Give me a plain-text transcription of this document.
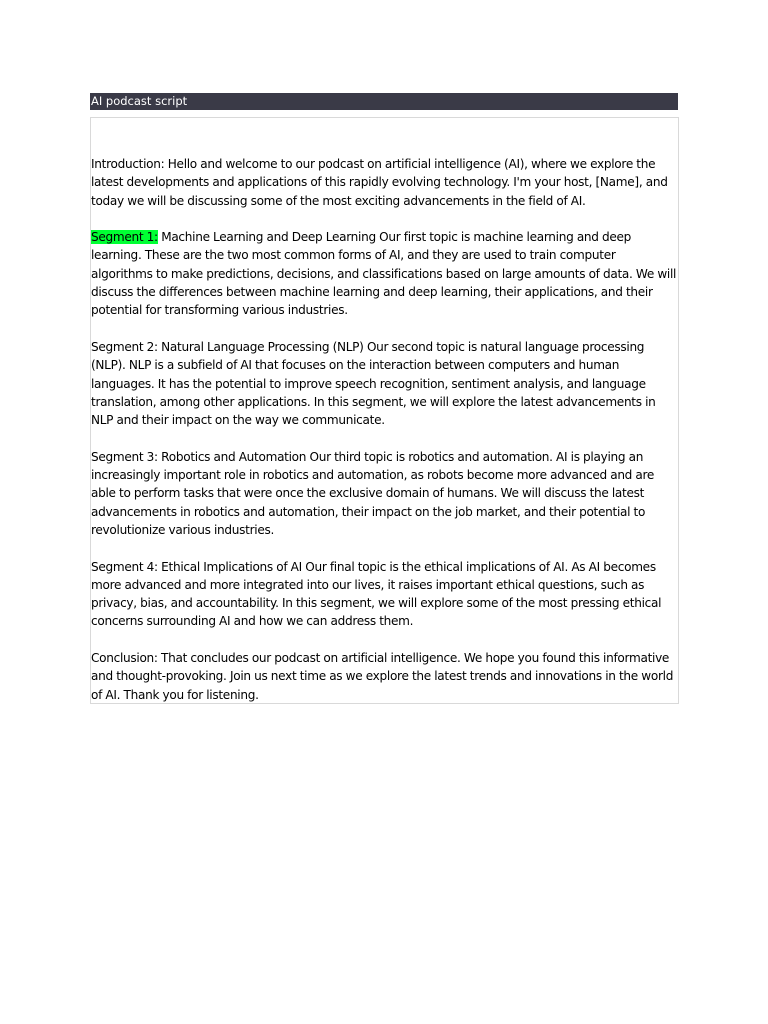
AI podcast script

Introduction: Hello and welcome to our podcast on artificial intelligence (AI), where we explore the latest developments and applications of this rapidly evolving technology. I'm your host, [Name], and today we will be discussing some of the most exciting advancements in the field of AI.

Segment 1: Machine Learning and Deep Learning Our first topic is machine learning and deep learning. These are the two most common forms of AI, and they are used to train computer algorithms to make predictions, decisions, and classifications based on large amounts of data. We will discuss the differences between machine learning and deep learning, their applications, and their potential for transforming various industries.

Segment 2: Natural Language Processing (NLP) Our second topic is natural language processing (NLP). NLP is a subfield of AI that focuses on the interaction between computers and human languages. It has the potential to improve speech recognition, sentiment analysis, and language translation, among other applications. In this segment, we will explore the latest advancements in NLP and their impact on the way we communicate.

Segment 3: Robotics and Automation Our third topic is robotics and automation. AI is playing an increasingly important role in robotics and automation, as robots become more advanced and are able to perform tasks that were once the exclusive domain of humans. We will discuss the latest advancements in robotics and automation, their impact on the job market, and their potential to revolutionize various industries.

Segment 4: Ethical Implications of AI Our final topic is the ethical implications of AI. As AI becomes more advanced and more integrated into our lives, it raises important ethical questions, such as privacy, bias, and accountability. In this segment, we will explore some of the most pressing ethical concerns surrounding AI and how we can address them.

Conclusion: That concludes our podcast on artificial intelligence. We hope you found this informative and thought-provoking. Join us next time as we explore the latest trends and innovations in the world of AI. Thank you for listening.
